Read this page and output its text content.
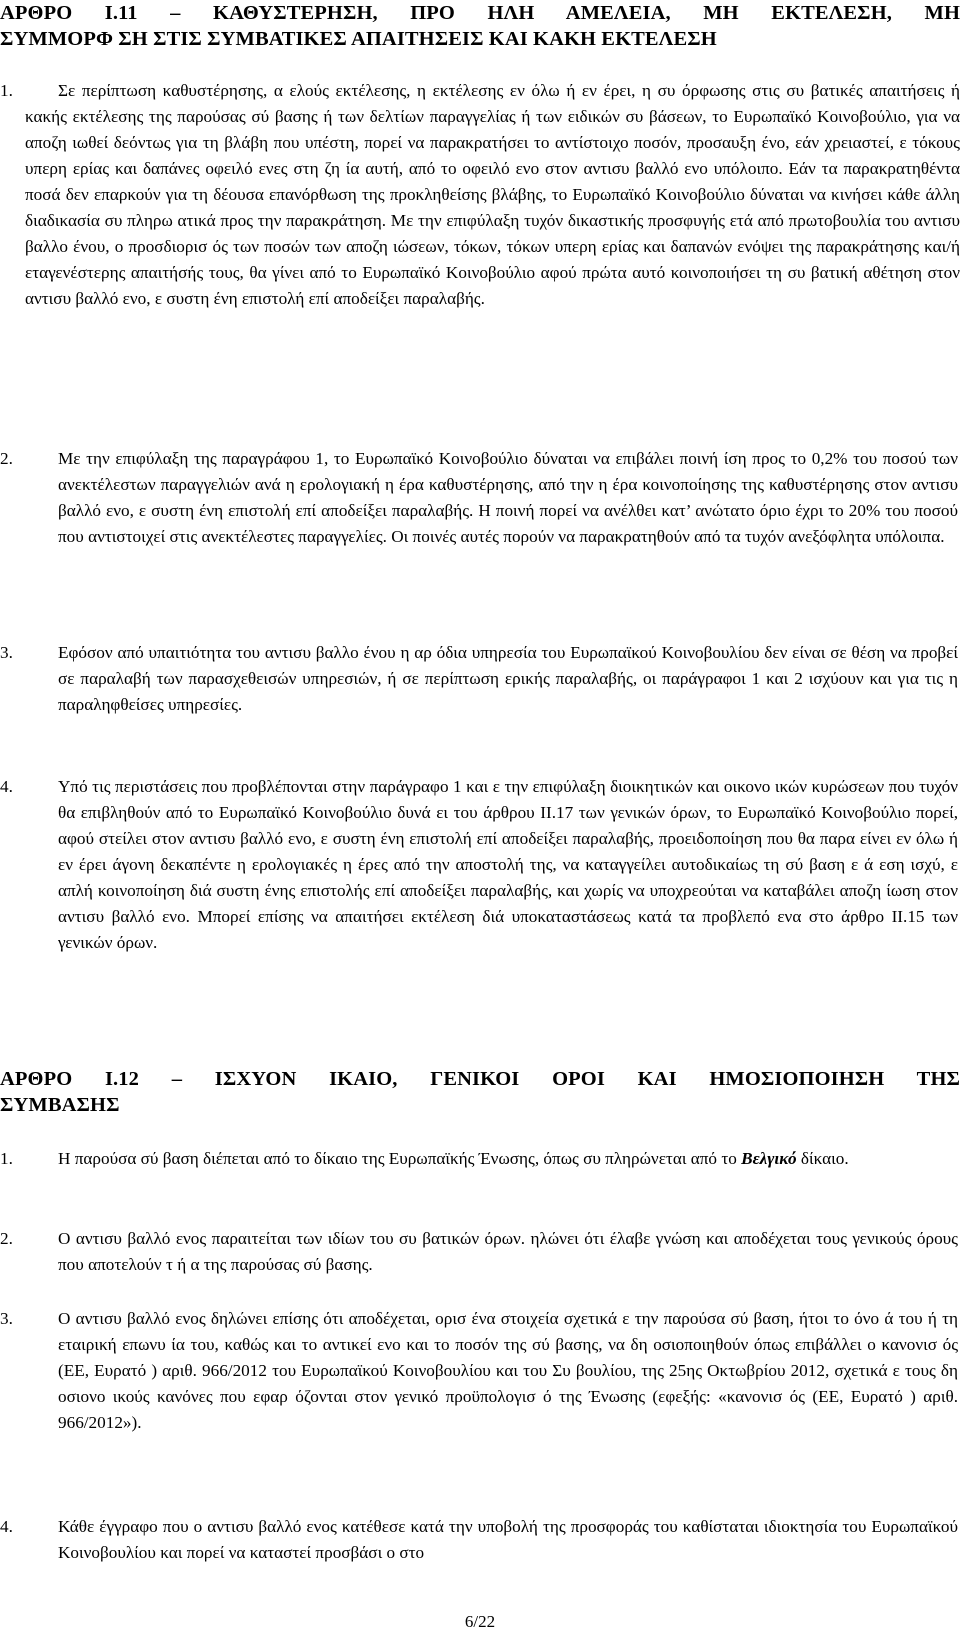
ΑΡΘΡΟ Ι.11 – ΚΑΘΥΣΤΕΡΗΣΗ, ΠΡΟ ΗΛΗ ΑΜΕΛΕΙΑ, ΜΗ ΕΚΤΕΛΕΣΗ, ΜΗ
ΣΥΜΜΟΡΦ ΣΗ ΣΤΙΣ ΣΥΜΒΑΤΙΚΕΣ ΑΠΑΙΤΗΣΕΙΣ ΚΑΙ ΚΑΚΗ ΕΚΤΕΛΕΣΗ
1.	Σε περίπτωση καθυστέρησης, α ελούς εκτέλεσης, η εκτέλεσης εν όλω ή εν έρει, η συ όρφωσης στις συ βατικές απαιτήσεις ή κακής εκτέλεσης της παρούσας σύ βασης ή των δελτίων παραγγελίας ή των ειδικών συ βάσεων, το Ευρωπαϊκό Κοινοβούλιο, για να αποζη ιωθεί δεόντως για τη βλάβη που υπέστη, πορεί να παρακρατήσει το αντίστοιχο ποσόν, προσαυξη ένο, εάν χρειαστεί, ε τόκους υπερη ερίας και δαπάνες οφειλό ενες στη ζη ία αυτή, από το οφειλό ενο στον αντισυ βαλλό ενο υπόλοιπο. Εάν τα παρακρατηθέντα ποσά δεν επαρκούν για τη δέουσα επανόρθωση της προκληθείσης βλάβης, το Ευρωπαϊκό Κοινοβούλιο δύναται να κινήσει κάθε άλλη διαδικασία συ πληρω ατικά προς την παρακράτηση. Με την επιφύλαξη τυχόν δικαστικής προσφυγής ετά από πρωτοβουλία του αντισυ βαλλο ένου, ο προσδιορισ ός των ποσών των αποζη ιώσεων, τόκων, τόκων υπερη ερίας και δαπανών ενόψει της παρακράτησης και/ή εταγενέστερης απαιτήσής τους, θα γίνει από το Ευρωπαϊκό Κοινοβούλιο αφού πρώτα αυτό κοινοποιήσει τη συ βατική αθέτηση στον αντισυ βαλλό ενο, ε συστη ένη επιστολή επί αποδείξει παραλαβής.
2.	Με την επιφύλαξη της παραγράφου 1, το Ευρωπαϊκό Κοινοβούλιο δύναται να επιβάλει ποινή ίση προς το 0,2% του ποσού των ανεκτέλεστων παραγγελιών ανά η ερολογιακή η έρα καθυστέρησης, από την η έρα κοινοποίησης της καθυστέρησης στον αντισυ βαλλό ενο, ε συστη ένη επιστολή επί αποδείξει παραλαβής. Η ποινή πορεί να ανέλθει κατ’ ανώτατο όριο έχρι το 20% του ποσού που αντιστοιχεί στις ανεκτέλεστες παραγγελίες. Οι ποινές αυτές πορούν να παρακρατηθούν από τα τυχόν ανεξόφλητα υπόλοιπα.
3.	Εφόσον από υπαιτιότητα του αντισυ βαλλο ένου η αρ όδια υπηρεσία του Ευρωπαϊκού Κοινοβουλίου δεν είναι σε θέση να προβεί σε παραλαβή των παρασχεθεισών υπηρεσιών, ή σε περίπτωση ερικής παραλαβής, οι παράγραφοι 1 και 2 ισχύουν και για τις η παραληφθείσες υπηρεσίες.
4.	Υπό τις περιστάσεις που προβλέπονται στην παράγραφο 1 και ε την επιφύλαξη διοικητικών και οικονο ικών κυρώσεων που τυχόν θα επιβληθούν από το Ευρωπαϊκό Κοινοβούλιο δυνά ει του άρθρου ΙΙ.17 των γενικών όρων, το Ευρωπαϊκό Κοινοβούλιο πορεί, αφού στείλει στον αντισυ βαλλό ενο, ε συστη ένη επιστολή επί αποδείξει παραλαβής, προειδοποίηση που θα παρα είνει εν όλω ή εν έρει άγονη δεκαπέντε η ερολογιακές η έρες από την αποστολή της, να καταγγείλει αυτοδικαίως τη σύ βαση ε ά εση ισχύ, ε απλή κοινοποίηση διά συστη ένης επιστολής επί αποδείξει παραλαβής, και χωρίς να υποχρεούται να καταβάλει αποζη ίωση στον αντισυ βαλλό ενο. Μπορεί επίσης να απαιτήσει εκτέλεση διά υποκαταστάσεως κατά τα προβλεπό ενα στο άρθρο ΙΙ.15 των γενικών όρων.
ΑΡΘΡΟ Ι.12 – ΙΣΧΥΟΝ ΙΚΑΙΟ, ΓΕΝΙΚΟΙ ΟΡΟΙ ΚΑΙ ΗΜΟΣΙΟΠΟΙΗΣΗ ΤΗΣ
ΣΥΜΒΑΣΗΣ
1.	Η παρούσα σύ βαση διέπεται από το δίκαιο της Ευρωπαϊκής Ένωσης, όπως συ πληρώνεται από το Βελγικό δίκαιο.
2.	Ο αντισυ βαλλό ενος παραιτείται των ιδίων του συ βατικών όρων. ηλώνει ότι έλαβε γνώση και αποδέχεται τους γενικούς όρους που αποτελούν τ ή α της παρούσας σύ βασης.
3.	Ο αντισυ βαλλό ενος δηλώνει επίσης ότι αποδέχεται, ορισ ένα στοιχεία σχετικά ε την παρούσα σύ βαση, ήτοι το όνο ά του ή τη εταιρική επωνυ ία του, καθώς και το αντικεί ενο και το ποσόν της σύ βασης, να δη οσιοποιηθούν όπως επιβάλλει ο κανονισ ός (ΕΕ, Ευρατό ) αριθ. 966/2012 του Ευρωπαϊκού Κοινοβουλίου και του Συ βουλίου, της 25ης Οκτωβρίου 2012, σχετικά ε τους δη οσιονο ικούς κανόνες που εφαρ όζονται στον γενικό προϋπολογισ ό της Ένωσης (εφεξής: «κανονισ ός (ΕΕ, Ευρατό ) αριθ. 966/2012»).
4.	Κάθε έγγραφο που ο αντισυ βαλλό ενος κατέθεσε κατά την υποβολή της προσφοράς του καθίσταται ιδιοκτησία του Ευρωπαϊκού Κοινοβουλίου και πορεί να καταστεί προσβάσι ο στο
6/22
